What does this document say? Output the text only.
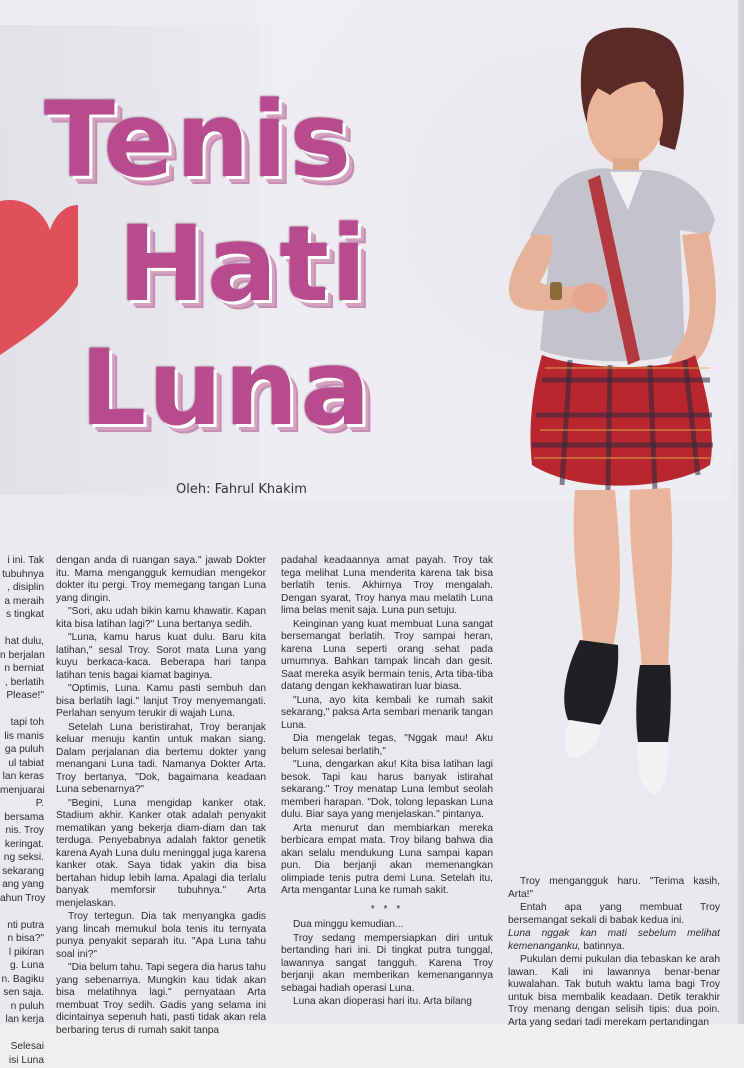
Tenis
Hati
Luna
Oleh: Fahrul Khakim

i ini. Tak

tubuhnya

, disiplin

a meraih

s tingkat

hat dulu,

n berjalan

n berniat

, berlatih

Please!"

tapi toh

lis manis

ga puluh

ul tabiat

lan keras

menjuarai

P.

bersama

nis. Troy

keringat.

ng seksi.

sekarang

ang yang

ahun Troy

nti putra

n bisa?"

l pikiran

g. Luna

n. Bagiku

sen saja.

n puluh

lan kerja

Selesai

isi Luna

dengan anda di ruangan saya." jawab Dokter itu. Mama mengangguk kemudian mengekor dokter itu pergi. Troy memegang tangan Luna yang dingin.

"Sori, aku udah bikin kamu khawatir. Kapan kita bisa latihan lagi?" Luna bertanya sedih.

"Luna, kamu harus kuat dulu. Baru kita latihan," sesal Troy. Sorot mata Luna yang kuyu berkaca-kaca. Beberapa hari tanpa latihan tenis bagai kiamat baginya.

"Optimis, Luna. Kamu pasti sembuh dan bisa berlatih lagi." lanjut Troy menyemangati. Perlahan senyum terukir di wajah Luna.

Setelah Luna beristirahat, Troy beranjak keluar menuju kantin untuk makan siang. Dalam perjalanan dia bertemu dokter yang menangani Luna tadi. Namanya Dokter Arta. Troy bertanya, "Dok, bagaimana keadaan Luna sebenarnya?"

"Begini, Luna mengidap kanker otak. Stadium akhir. Kanker otak adalah penyakit mematikan yang bekerja diam-diam dan tak terduga. Penyebabnya adalah faktor genetik karena Ayah Luna dulu meninggal juga karena kanker otak. Saya tidak yakin dia bisa bertahan hidup lebih lama. Apalagi dia terlalu banyak memforsir tubuhnya." Arta menjelaskan.

Troy tertegun. Dia tak menyangka gadis yang lincah memukul bola tenis itu ternyata punya penyakit separah itu. "Apa Luna tahu soal ini?"

"Dia belum tahu. Tapi segera dia harus tahu yang sebenarnya. Mungkin kau tidak akan bisa melatihnya lagi." pernyataan Arta membuat Troy sedih. Gadis yang selama ini dicintainya sepenuh hati, pasti tidak akan rela berbaring terus di rumah sakit tanpa

padahal keadaannya amat payah. Troy tak tega melihat Luna menderita karena tak bisa berlatih tenis. Akhirnya Troy mengalah. Dengan syarat, Troy hanya mau melatih Luna lima belas menit saja. Luna pun setuju.

Keinginan yang kuat membuat Luna sangat bersemangat berlatih. Troy sampai heran, karena Luna seperti orang sehat pada umumnya. Bahkan tampak lincah dan gesit. Saat mereka asyik bermain tenis, Arta tiba-tiba datang dengan kekhawatiran luar biasa.

"Luna, ayo kita kembali ke rumah sakit sekarang," paksa Arta sembari menarik tangan Luna.

Dia mengelak tegas, "Nggak mau! Aku belum selesai berlatih,"

"Luna, dengarkan aku! Kita bisa latihan lagi besok. Tapi kau harus banyak istirahat sekarang." Troy menatap Luna lembut seolah memberi harapan. "Dok, tolong lepaskan Luna dulu. Biar saya yang menjelaskan." pintanya.

Arta menurut dan membiarkan mereka berbicara empat mata. Troy bilang bahwa dia akan selalu mendukung Luna sampai kapan pun. Dia berjanji akan memenangkan olimpiade tenis putra demi Luna. Setelah itu, Arta mengantar Luna ke rumah sakit.

* * *

Dua minggu kemudian...

Troy sedang mempersiapkan diri untuk bertanding hari ini. Di tingkat putra tunggal, lawannya sangat tangguh. Karena Troy berjanji akan memberikan kemenangannya sebagai hadiah operasi Luna.

Luna akan dioperasi hari itu. Arta bilang

Troy mengangguk haru. "Terima kasih, Arta!"

Entah apa yang membuat Troy bersemangat sekali di babak kedua ini.

Luna nggak kan mati sebelum melihat kemenanganku, batinnya.

Pukulan demi pukulan dia tebaskan ke arah lawan. Kali ini lawannya benar-benar kuwalahan. Tak butuh waktu lama bagi Troy untuk bisa membalik keadaan. Detik terakhir Troy menang dengan selisih tipis: dua poin. Arta yang sedari tadi merekam pertandingan
